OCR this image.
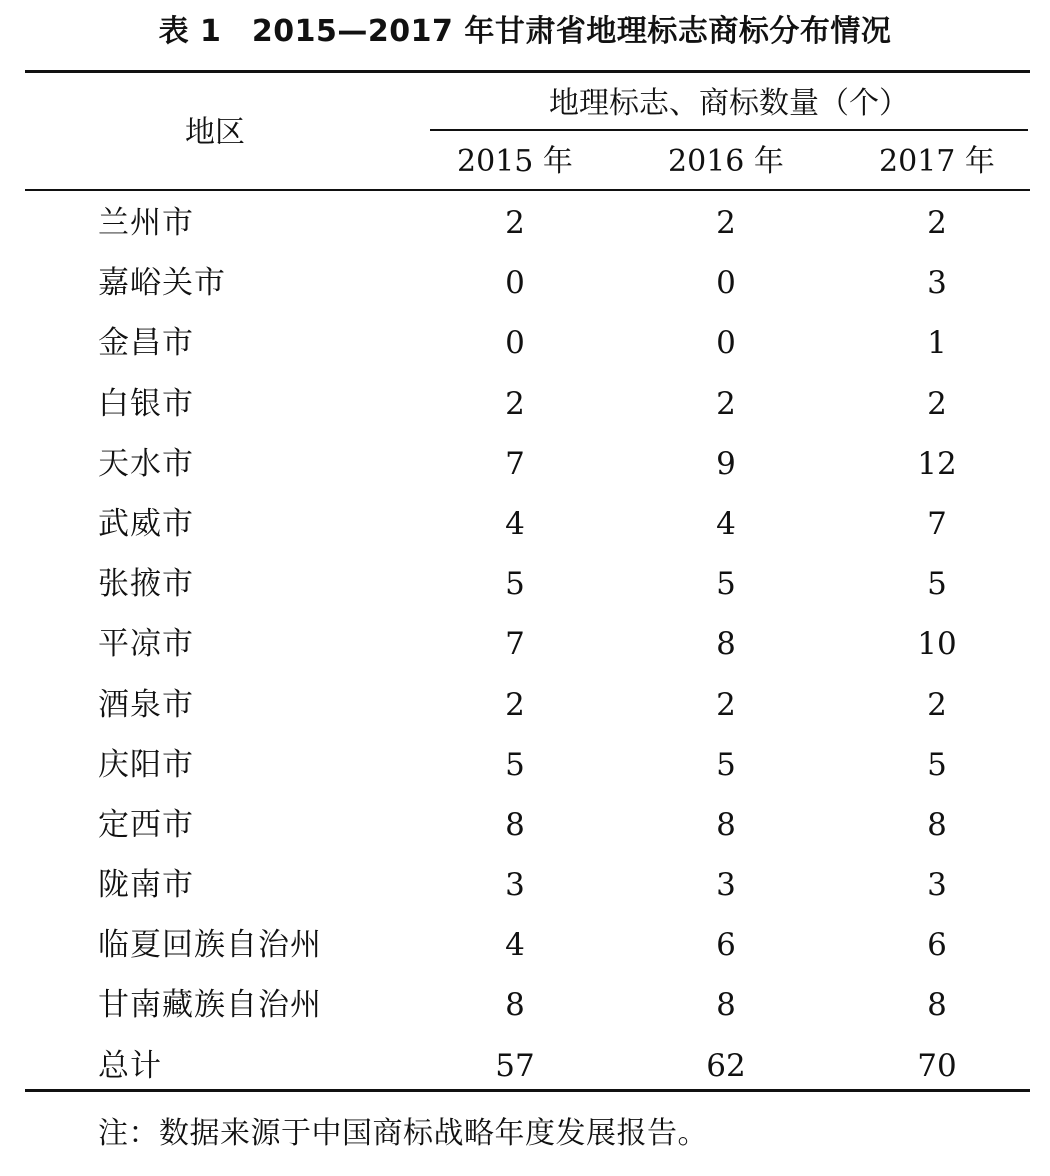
表 1　2015—2017 年甘肃省地理标志商标分布情况
地区
地理标志、商标数量（个）
2015 年	2016 年	2017 年
兰州市	2	2	2
嘉峪关市	0	0	3
金昌市	0	0	1
白银市	2	2	2
天水市	7	9	12
武威市	4	4	7
张掖市	5	5	5
平凉市	7	8	10
酒泉市	2	2	2
庆阳市	5	5	5
定西市	8	8	8
陇南市	3	3	3
临夏回族自治州	4	6	6
甘南藏族自治州	8	8	8
总计	57	62	70
注：数据来源于中国商标战略年度发展报告。
